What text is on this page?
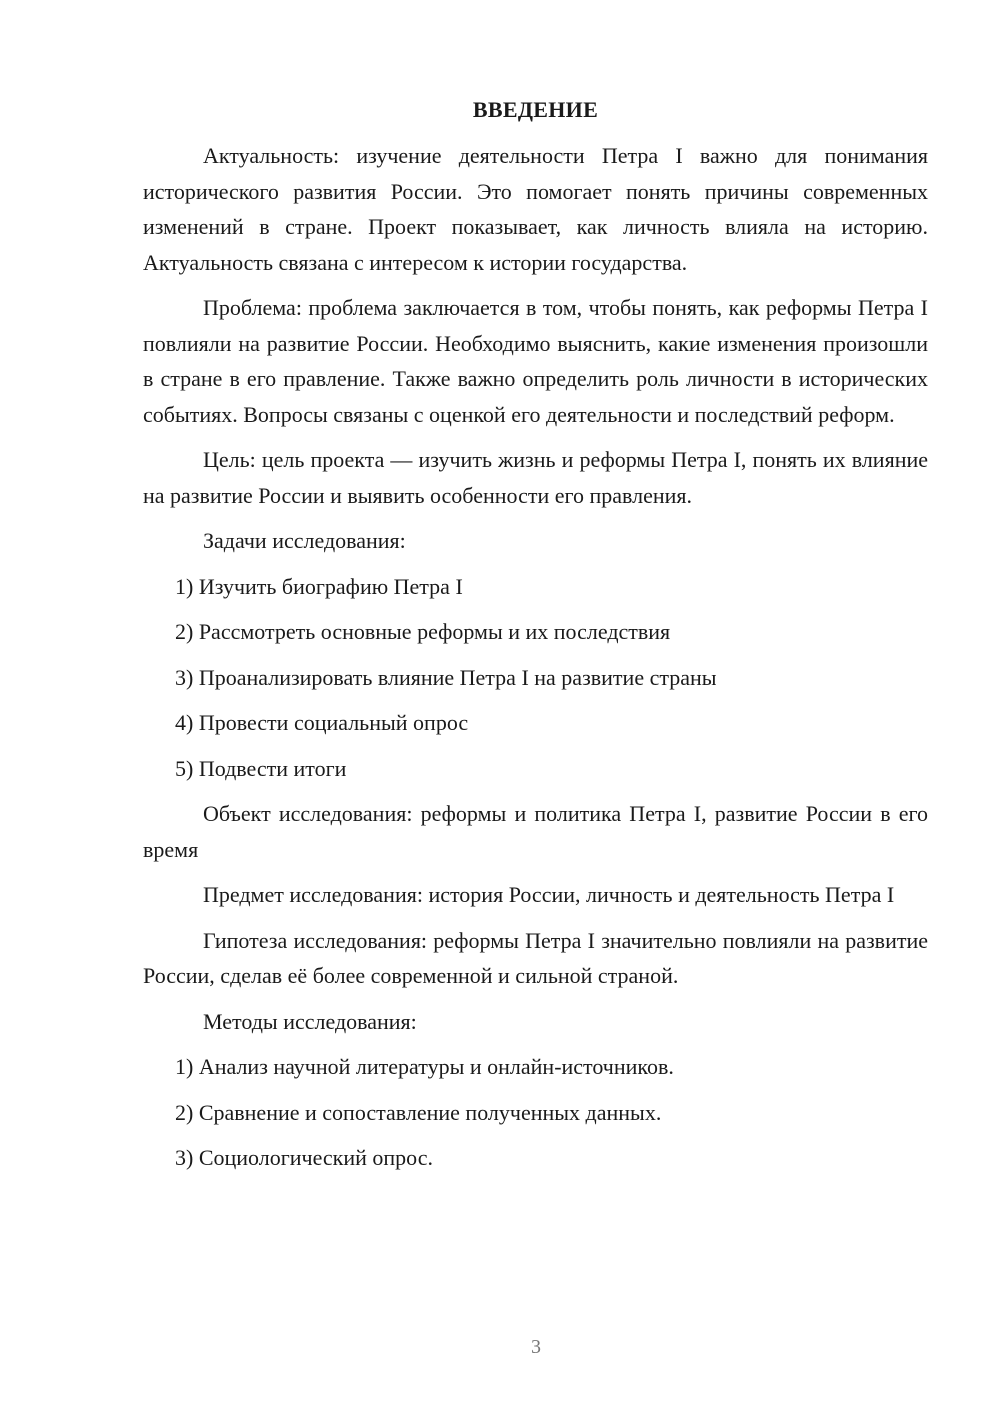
ВВЕДЕНИЕ

Актуальность: изучение деятельности Петра I важно для понимания исторического развития России. Это помогает понять причины современных изменений в стране. Проект показывает, как личность влияла на историю. Актуальность связана с интересом к истории государства.

Проблема: проблема заключается в том, чтобы понять, как реформы Петра I повлияли на развитие России. Необходимо выяснить, какие изменения произошли в стране в его правление. Также важно определить роль личности в исторических событиях. Вопросы связаны с оценкой его деятельности и последствий реформ.

Цель: цель проекта — изучить жизнь и реформы Петра I, понять их влияние на развитие России и выявить особенности его правления.

Задачи исследования:

1) Изучить биографию Петра I

2) Рассмотреть основные реформы и их последствия

3) Проанализировать влияние Петра I на развитие страны

4) Провести социальный опрос

5) Подвести итоги

Объект исследования: реформы и политика Петра I, развитие России в его время

Предмет исследования: история России, личность и деятельность Петра I

Гипотеза исследования: реформы Петра I значительно повлияли на развитие России, сделав её более современной и сильной страной.

Методы исследования:

1) Анализ научной литературы и онлайн-источников.

2) Сравнение и сопоставление полученных данных.

3) Социологический опрос.

3
